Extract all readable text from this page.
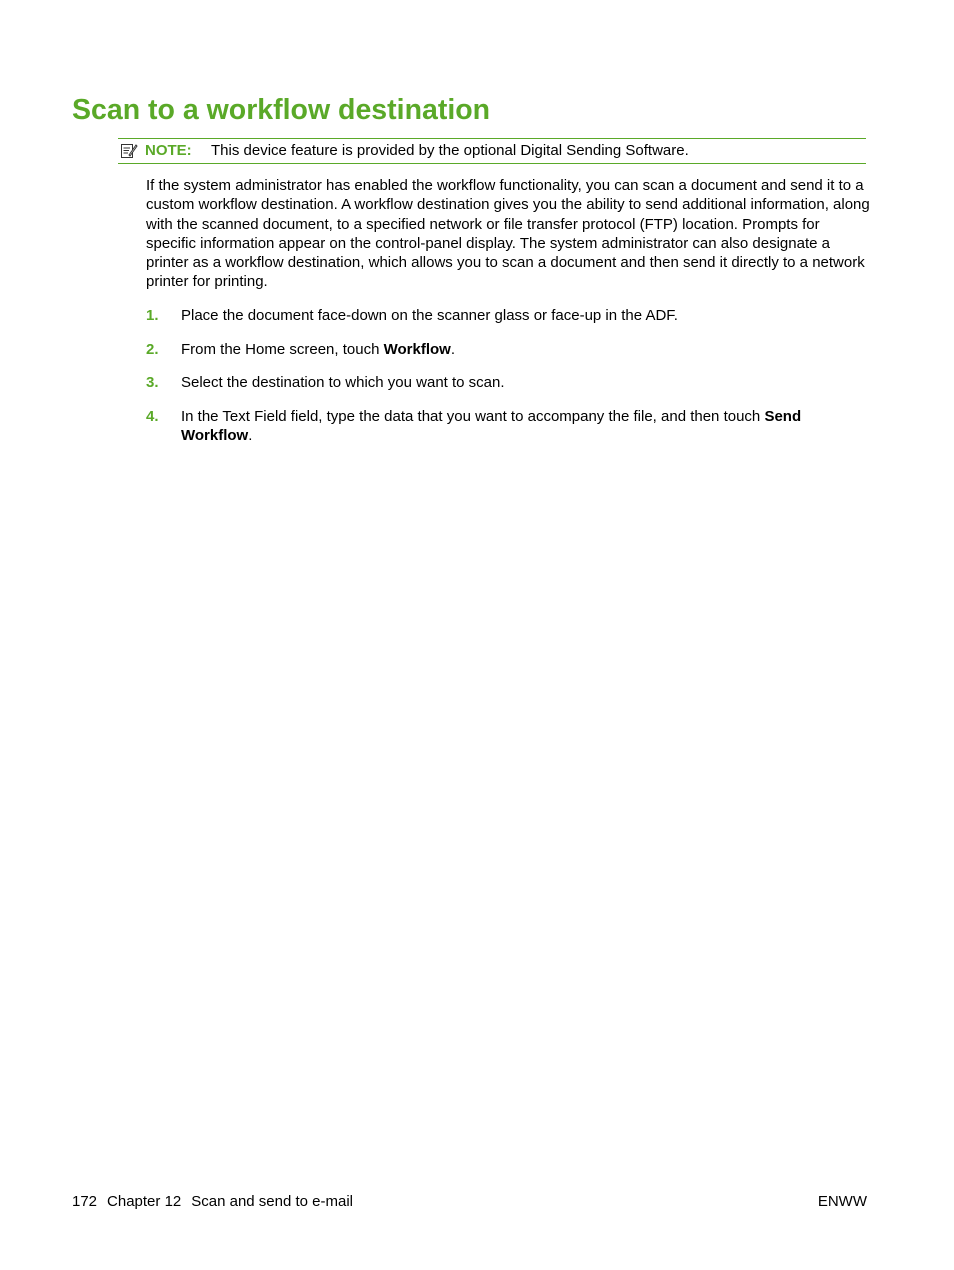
Scan to a workflow destination
NOTE: This device feature is provided by the optional Digital Sending Software.

If the system administrator has enabled the workflow functionality, you can scan a document and send it to a custom workflow destination. A workflow destination gives you the ability to send additional information, along with the scanned document, to a specified network or file transfer protocol (FTP) location. Prompts for specific information appear on the control-panel display. The system administrator can also designate a printer as a workflow destination, which allows you to scan a document and then send it directly to a network printer for printing.

1. Place the document face-down on the scanner glass or face-up in the ADF.
2. From the Home screen, touch Workflow.
3. Select the destination to which you want to scan.
4. In the Text Field field, type the data that you want to accompany the file, and then touch Send Workflow.
172 Chapter 12 Scan and send to e-mail	ENWW
